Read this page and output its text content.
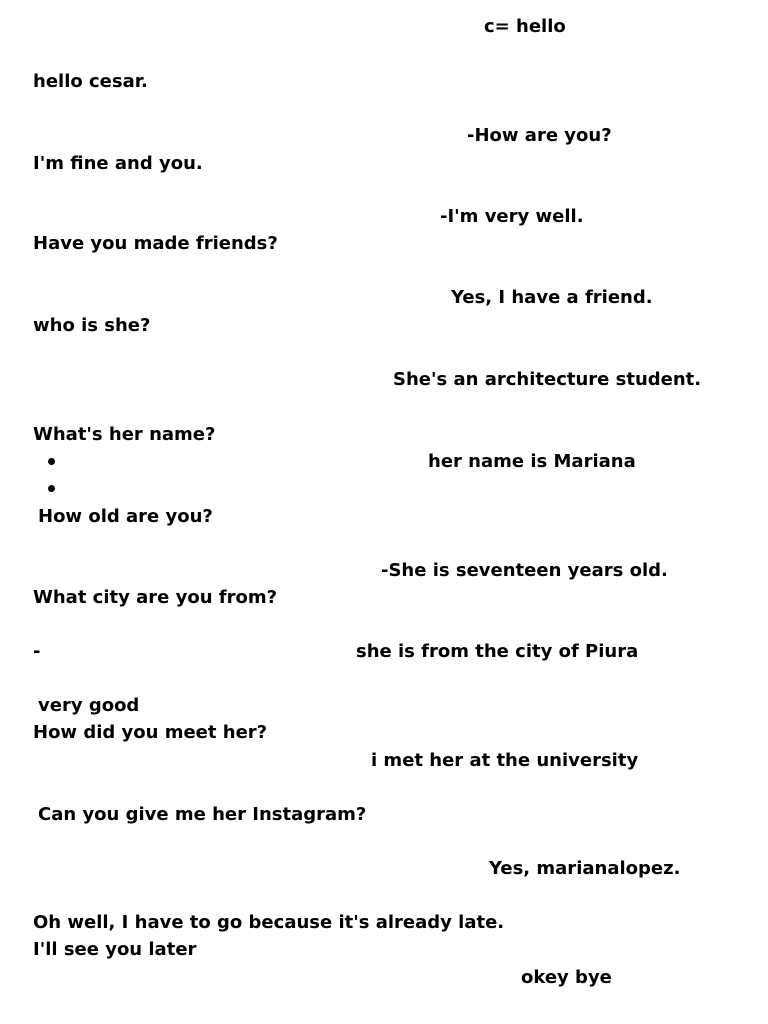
c= hello
hello cesar.
-How are you?
I'm fine and you.
-I'm very well.
Have you made friends?
Yes, I have a friend.
who is she?
She's an architecture student.
What's her name?
her name is Mariana
How old are you?
-She is seventeen years old.
What city are you from?
-	she is from the city of Piura
very good
How did you meet her?
i met her at the university
Can you give me her Instagram?
Yes, marianalopez.
Oh well, I have to go because it's already late.
I'll see you later
okey bye
